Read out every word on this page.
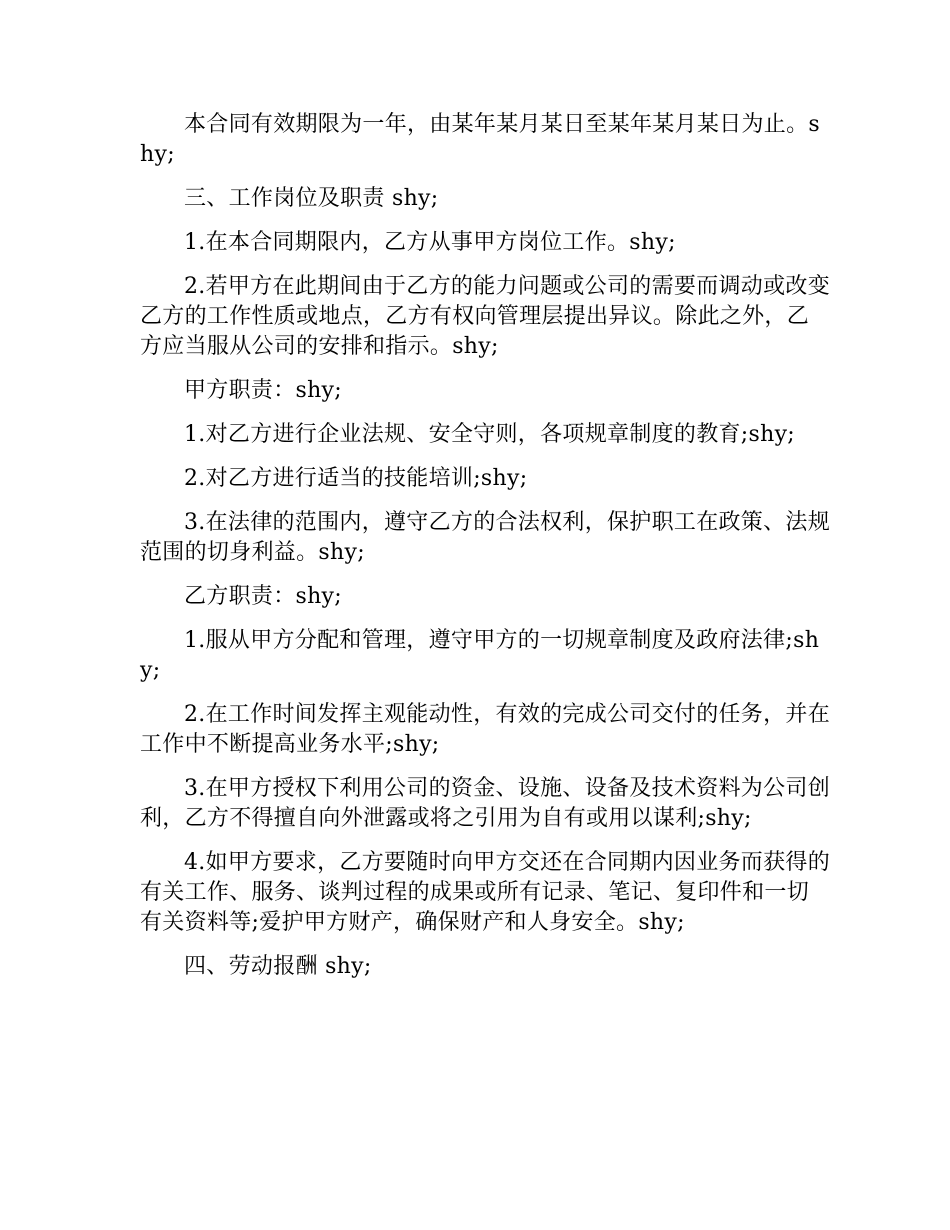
本合同有效期限为一年，由某年某月某日至某年某月某日为止。shy;

三、工作岗位及职责 shy;

1.在本合同期限内，乙方从事甲方岗位工作。shy;

2.若甲方在此期间由于乙方的能力问题或公司的需要而调动或改变乙方的工作性质或地点，乙方有权向管理层提出异议。除此之外，乙方应当服从公司的安排和指示。shy;

甲方职责：shy;

1.对乙方进行企业法规、安全守则，各项规章制度的教育;shy;

2.对乙方进行适当的技能培训;shy;

3.在法律的范围内，遵守乙方的合法权利，保护职工在政策、法规范围的切身利益。shy;

乙方职责：shy;

1.服从甲方分配和管理，遵守甲方的一切规章制度及政府法律;shy;

2.在工作时间发挥主观能动性，有效的完成公司交付的任务，并在工作中不断提高业务水平;shy;

3.在甲方授权下利用公司的资金、设施、设备及技术资料为公司创利，乙方不得擅自向外泄露或将之引用为自有或用以谋利;shy;

4.如甲方要求，乙方要随时向甲方交还在合同期内因业务而获得的有关工作、服务、谈判过程的成果或所有记录、笔记、复印件和一切有关资料等;爱护甲方财产，确保财产和人身安全。shy;

四、劳动报酬 shy;
